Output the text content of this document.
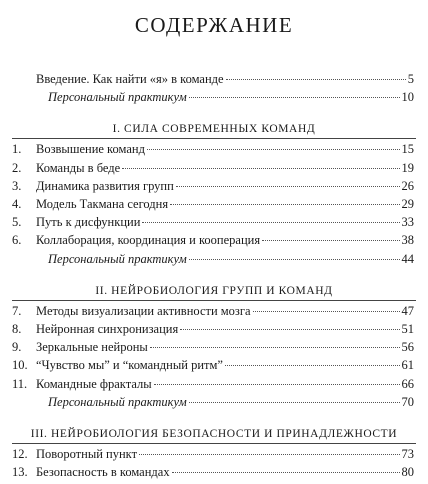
СОДЕРЖАНИЕ
Введение. Как найти «я» в команде	5
Персональный практикум	10
I. СИЛА СОВРЕМЕННЫХ КОМАНД
1.	Возвышение команд	15
2.	Команды в беде	19
3.	Динамика развития групп	26
4.	Модель Такмана сегодня	29
5.	Путь к дисфункции	33
6.	Коллаборация, координация и кооперация	38
Персональный практикум	44
II. НЕЙРОБИОЛОГИЯ ГРУПП И КОМАНД
7.	Методы визуализации активности мозга	47
8.	Нейронная синхронизация	51
9.	Зеркальные нейроны	56
10. “Чувство мы” и “командный ритм”	61
11. Командные фракталы	66
Персональный практикум	70
III. НЕЙРОБИОЛОГИЯ БЕЗОПАСНОСТИ И ПРИНАДЛЕЖНОСТИ
12. Поворотный пункт	73
13. Безопасность в командах	80
